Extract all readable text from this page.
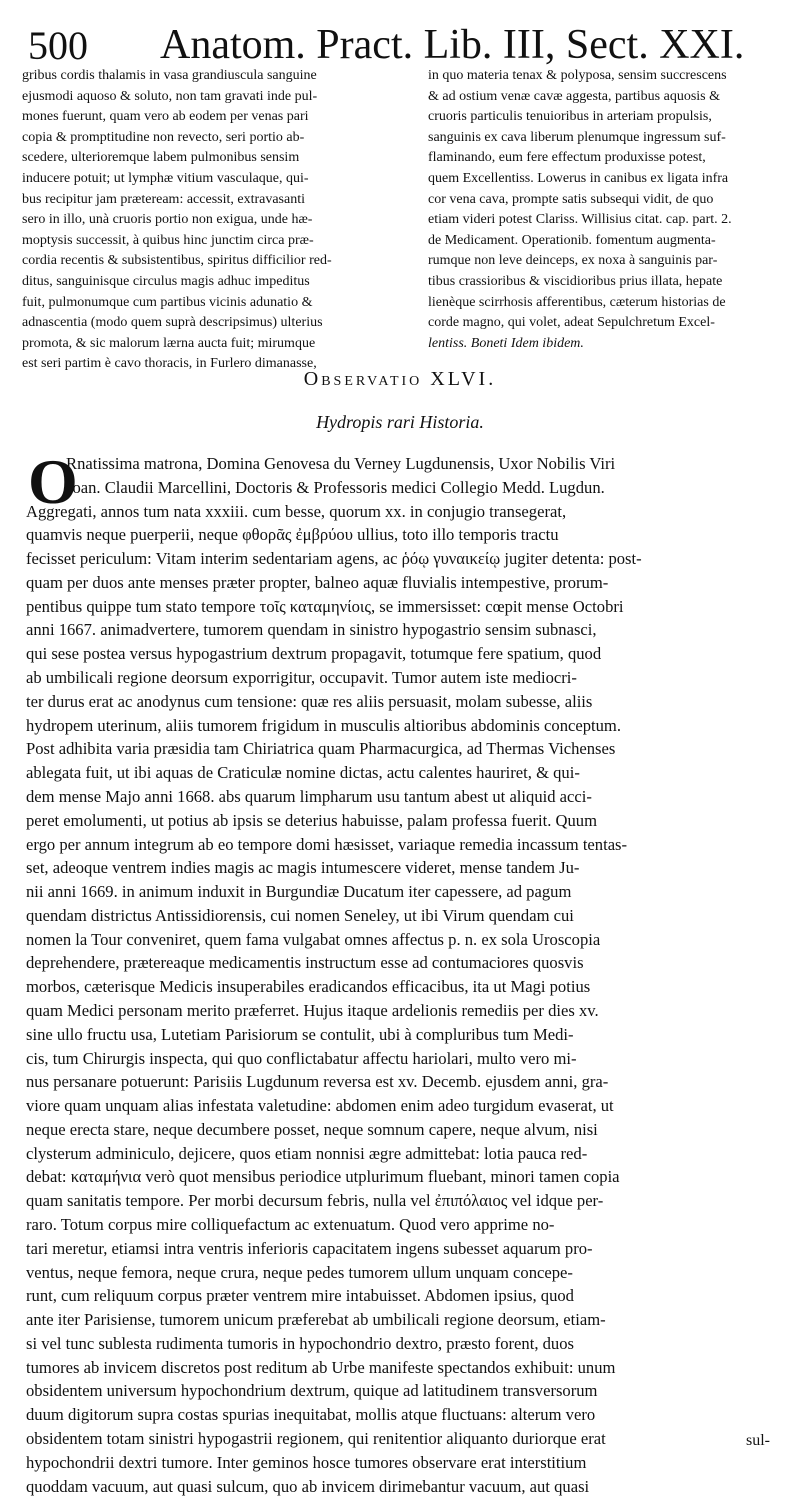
500 Anatom. Pract. Lib. III, Sect. XXI.
gribus cordis thalamis in vasa grandiuscula sanguine
ejusmodi aquoso & soluto, non tam gravati inde pul-
mones fuerunt, quam vero ab eodem per venas pari
copia & promptitudine non revecto, seri portio ab-
scedere, ulterioremque labem pulmonibus sensim
inducere potuit; ut lymphæ vitium vasculaque, qui-
bus recipitur jam præteream: accessit, extravasanti
sero in illo, unà cruoris portio non exigua, unde hæ-
moptysis successit, à quibus hinc junctim circa præ-
cordia recentis & subsistentibus, spiritus difficilior red-
ditus, sanguinisque circulus magis adhuc impeditus
fuit, pulmonumque cum partibus vicinis adunatio &
adnascentia (modo quem suprà descripsimus) ulterius
promota, & sic malorum lærna aucta fuit; mirumque
est seri partim è cavo thoracis, in Furlero dimanasse,
in quo materia tenax & polyposa, sensim succrescens
& ad ostium venæ cavæ aggesta, partibus aquosis &
cruoris particulis tenuioribus in arteriam propulsis,
sanguinis ex cava liberum plenumque ingressum suf-
flaminando, eum fere effectum produxisse potest,
quem Excellentiss. Lowerus in canibus ex ligata infra
cor vena cava, prompte satis subsequi vidit, de quo
etiam videri potest Clariss. Willisius citat. cap. part. 2.
de Medicament. Operationib. fomentum augmenta-
rumque non leve deinceps, ex noxa à sanguinis par-
tibus crassioribus & viscidioribus prius illata, hepate
lienèque scirrhosis afferentibus, cæterum historias de
corde magno, qui volet, adeat Sepulchretum Excel-
lentiss. Boneti Idem ibidem.
Observatio XLVI.
Hydropis rari Historia.
O
Rnatissima matrona, Domina Genovesa du Verney Lugdunensis, Uxor Nobilis Viri
Joan. Claudii Marcellini, Doctoris & Professoris medici Collegio Medd. Lugdun.
Aggregati, annos tum nata xxxiii. cum besse, quorum xx. in conjugio transegerat,
quamvis neque puerperii, neque φθορᾶς ἐμβρύου ullius, toto illo temporis tractu
fecisset periculum: Vitam interim sedentariam agens, ac ῥόῳ γυναικείῳ jugiter detenta: post-
quam per duos ante menses præter propter, balneo aquæ fluvialis intempestive, prorum-
pentibus quippe tum stato tempore τοῖς καταμηνίοις, se immersisset: cœpit mense Octobri
anni 1667. animadvertere, tumorem quendam in sinistro hypogastrio sensim subnasci,
qui sese postea versus hypogastrium dextrum propagavit, totumque fere spatium, quod
ab umbilicali regione deorsum exporrigitur, occupavit. Tumor autem iste mediocri-
ter durus erat ac anodynus cum tensione: quæ res aliis persuasit, molam subesse, aliis
hydropem uterinum, aliis tumorem frigidum in musculis altioribus abdominis conceptum.
Post adhibita varia præsidia tam Chiriatrica quam Pharmacurgica, ad Thermas Vichenses
ablegata fuit, ut ibi aquas de Craticulæ nomine dictas, actu calentes hauriret, & qui-
dem mense Majo anni 1668. abs quarum limpharum usu tantum abest ut aliquid acci-
peret emolumenti, ut potius ab ipsis se deterius habuisse, palam professa fuerit. Quum
ergo per annum integrum ab eo tempore domi hæsisset, variaque remedia incassum tentas-
set, adeoque ventrem indies magis ac magis intumescere videret, mense tandem Ju-
nii anni 1669. in animum induxit in Burgundiæ Ducatum iter capessere, ad pagum
quendam districtus Antissidiorensis, cui nomen Seneley, ut ibi Virum quendam cui
nomen la Tour conveniret, quem fama vulgabat omnes affectus p. n. ex sola Uroscopia
deprehendere, prætereaque medicamentis instructum esse ad contumaciores quosvis
morbos, cæterisque Medicis insuperabiles eradicandos efficacibus, ita ut Magi potius
quam Medici personam merito præferret. Hujus itaque ardelionis remediis per dies xv.
sine ullo fructu usa, Lutetiam Parisiorum se contulit, ubi à compluribus tum Medi-
cis, tum Chirurgis inspecta, qui quo conflictabatur affectu hariolari, multo vero mi-
nus persanare potuerunt: Parisiis Lugdunum reversa est xv. Decemb. ejusdem anni, gra-
viore quam unquam alias infestata valetudine: abdomen enim adeo turgidum evaserat, ut
neque erecta stare, neque decumbere posset, neque somnum capere, neque alvum, nisi
clysterum adminiculo, dejicere, quos etiam nonnisi ægre admittebat: lotia pauca red-
debat: καταμήνια verò quot mensibus periodice utplurimum fluebant, minori tamen copia
quam sanitatis tempore. Per morbi decursum febris, nulla vel ἐπιπόλαιος vel idque per-
raro. Totum corpus mire colliquefactum ac extenuatum. Quod vero apprime no-
tari meretur, etiamsi intra ventris inferioris capacitatem ingens subesset aquarum pro-
ventus, neque femora, neque crura, neque pedes tumorem ullum unquam concepe-
runt, cum reliquum corpus præter ventrem mire intabuisset. Abdomen ipsius, quod
ante iter Parisiense, tumorem unicum præferebat ab umbilicali regione deorsum, etiam-
si vel tunc sublesta rudimenta tumoris in hypochondrio dextro, præsto forent, duos
tumores ab invicem discretos post reditum ab Urbe manifeste spectandos exhibuit: unum
obsidentem universum hypochondrium dextrum, quique ad latitudinem transversorum
duum digitorum supra costas spurias inequitabat, mollis atque fluctuans: alterum vero
obsidentem totam sinistri hypogastrii regionem, qui renitentior aliquanto duriorque erat
hypochondrii dextri tumore. Inter geminos hosce tumores observare erat interstitium
quoddam vacuum, aut quasi sulcum, quo ab invicem dirimebantur vacuum, aut quasi
sul-
